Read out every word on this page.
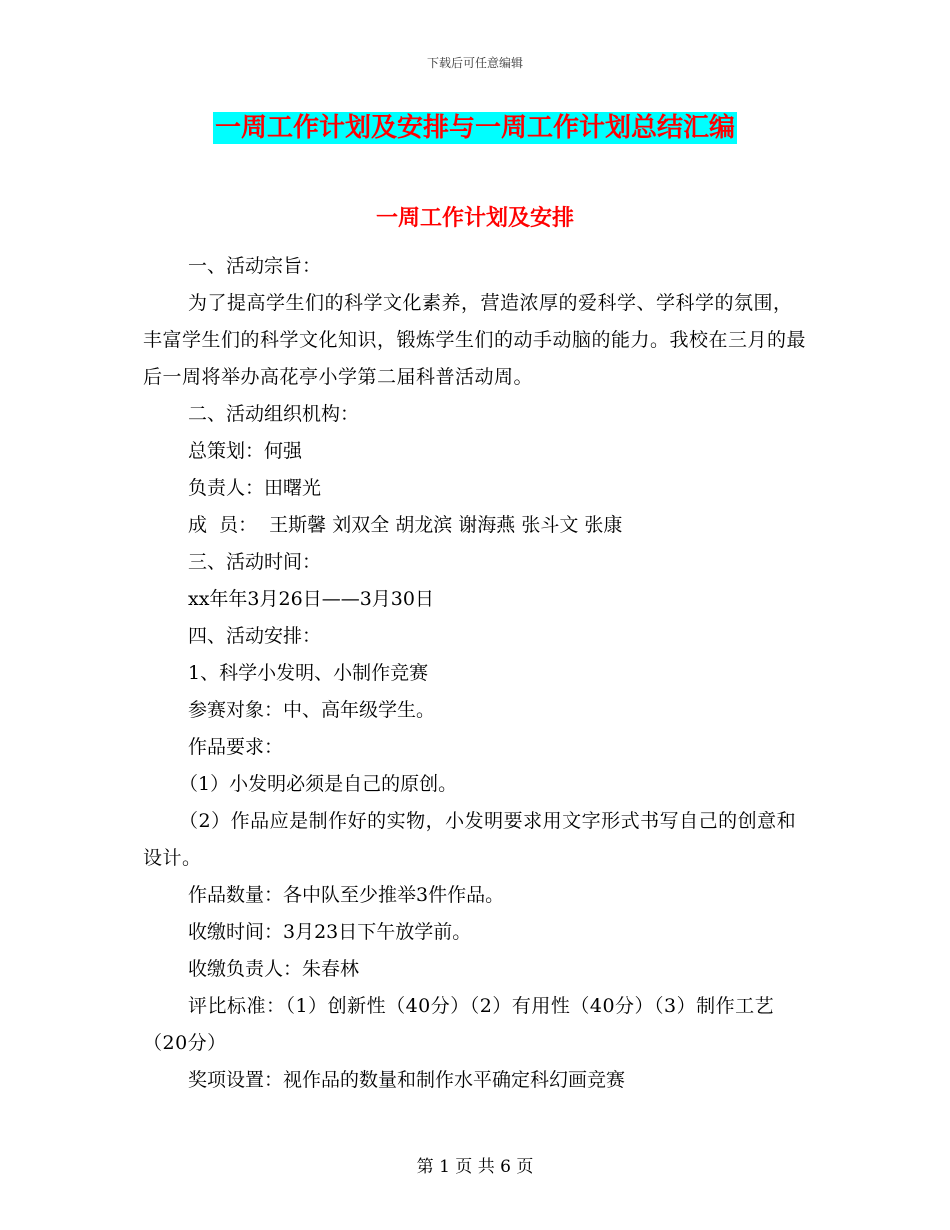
下载后可任意编辑
一周工作计划及安排与一周工作计划总结汇编
一周工作计划及安排

一、活动宗旨：

为了提高学生们的科学文化素养，营造浓厚的爱科学、学科学的氛围，丰富学生们的科学文化知识，锻炼学生们的动手动脑的能力。我校在三月的最后一周将举办高花亭小学第二届科普活动周。

二、活动组织机构：

总策划：何强

负责人：田曙光

成  员：  王斯馨 刘双全 胡龙滨 谢海燕 张斗文 张康

三、活动时间：

xx年年3月26日——3月30日

四、活动安排：

1、科学小发明、小制作竞赛

参赛对象：中、高年级学生。

作品要求：

（1）小发明必须是自己的原创。

（2）作品应是制作好的实物，小发明要求用文字形式书写自己的创意和设计。

作品数量：各中队至少推举3件作品。

收缴时间：3月23日下午放学前。

收缴负责人：朱春林

评比标准：（1）创新性（40分）（2）有用性（40分）（3）制作工艺（20分）

奖项设置：视作品的数量和制作水平确定科幻画竞赛

第 1 页 共 6 页
